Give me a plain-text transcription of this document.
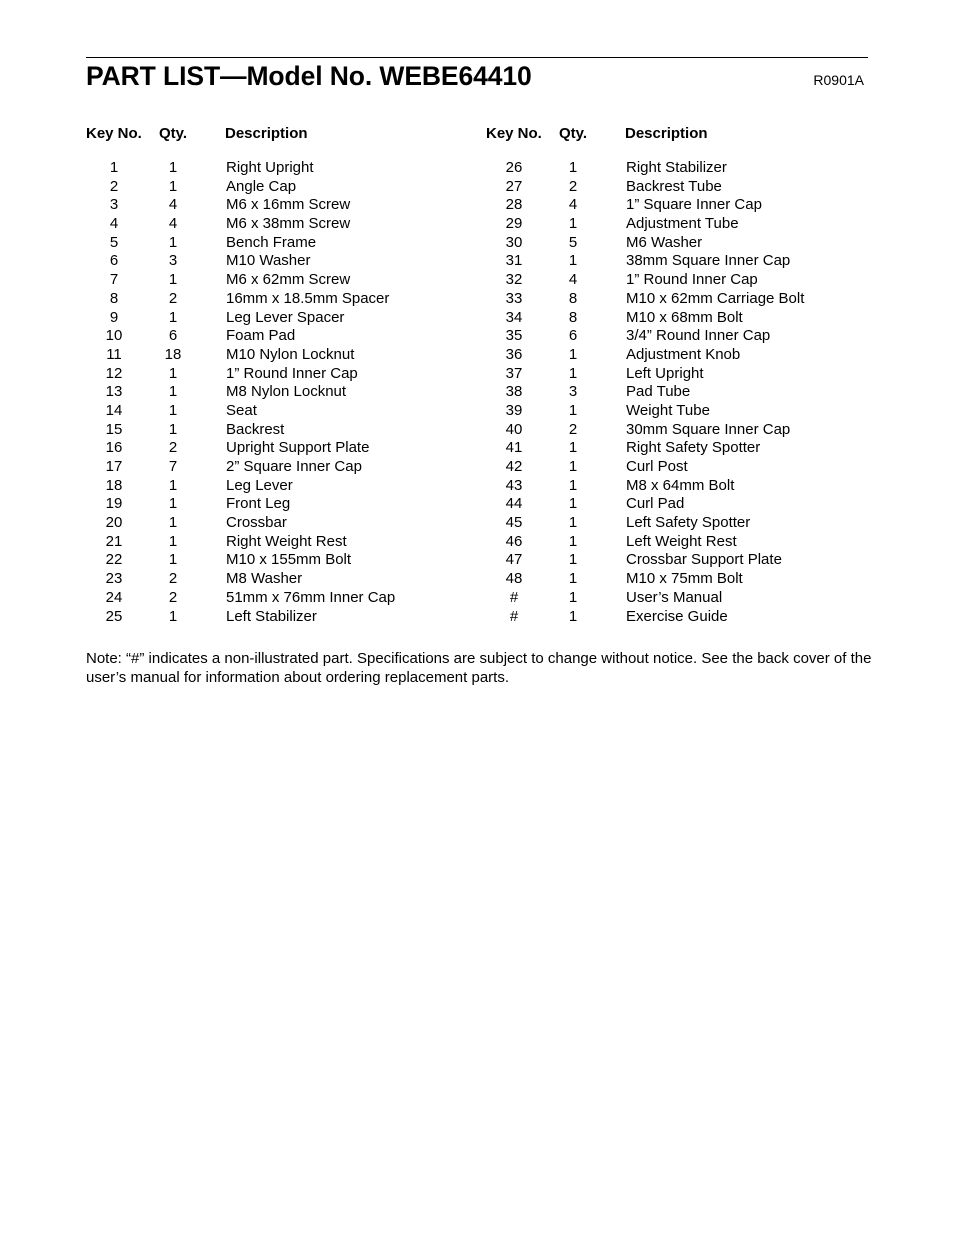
PART LIST—Model No. WEBE64410	R0901A
Key No. Qty.	Description
1	1	Right Upright
2	1	Angle Cap
3	4	M6 x 16mm Screw
4	4	M6 x 38mm Screw
5	1	Bench Frame
6	3	M10 Washer
7	1	M6 x 62mm Screw
8	2	16mm x 18.5mm Spacer
9	1	Leg Lever Spacer
10	6	Foam Pad
11	18	M10 Nylon Locknut
12	1	1” Round Inner Cap
13	1	M8 Nylon Locknut
14	1	Seat
15	1	Backrest
16	2	Upright Support Plate
17	7	2” Square Inner Cap
18	1	Leg Lever
19	1	Front Leg
20	1	Crossbar
21	1	Right Weight Rest
22	1	M10 x 155mm Bolt
23	2	M8 Washer
24	2	51mm x 76mm Inner Cap
25	1	Left Stabilizer
Key No. Qty.	Description
26	1	Right Stabilizer
27	2	Backrest Tube
28	4	1” Square Inner Cap
29	1	Adjustment Tube
30	5	M6 Washer
31	1	38mm Square Inner Cap
32	4	1” Round Inner Cap
33	8	M10 x 62mm Carriage Bolt
34	8	M10 x 68mm Bolt
35	6	3/4” Round Inner Cap
36	1	Adjustment Knob
37	1	Left Upright
38	3	Pad Tube
39	1	Weight Tube
40	2	30mm Square Inner Cap
41	1	Right Safety Spotter
42	1	Curl Post
43	1	M8 x 64mm Bolt
44	1	Curl Pad
45	1	Left Safety Spotter
46	1	Left Weight Rest
47	1	Crossbar Support Plate
48	1	M10 x 75mm Bolt
#	1	User’s Manual
#	1	Exercise Guide
Note: “#” indicates a non-illustrated part. Specifications are subject to change without notice. See the back cover of the user’s manual for information about ordering replacement parts.
